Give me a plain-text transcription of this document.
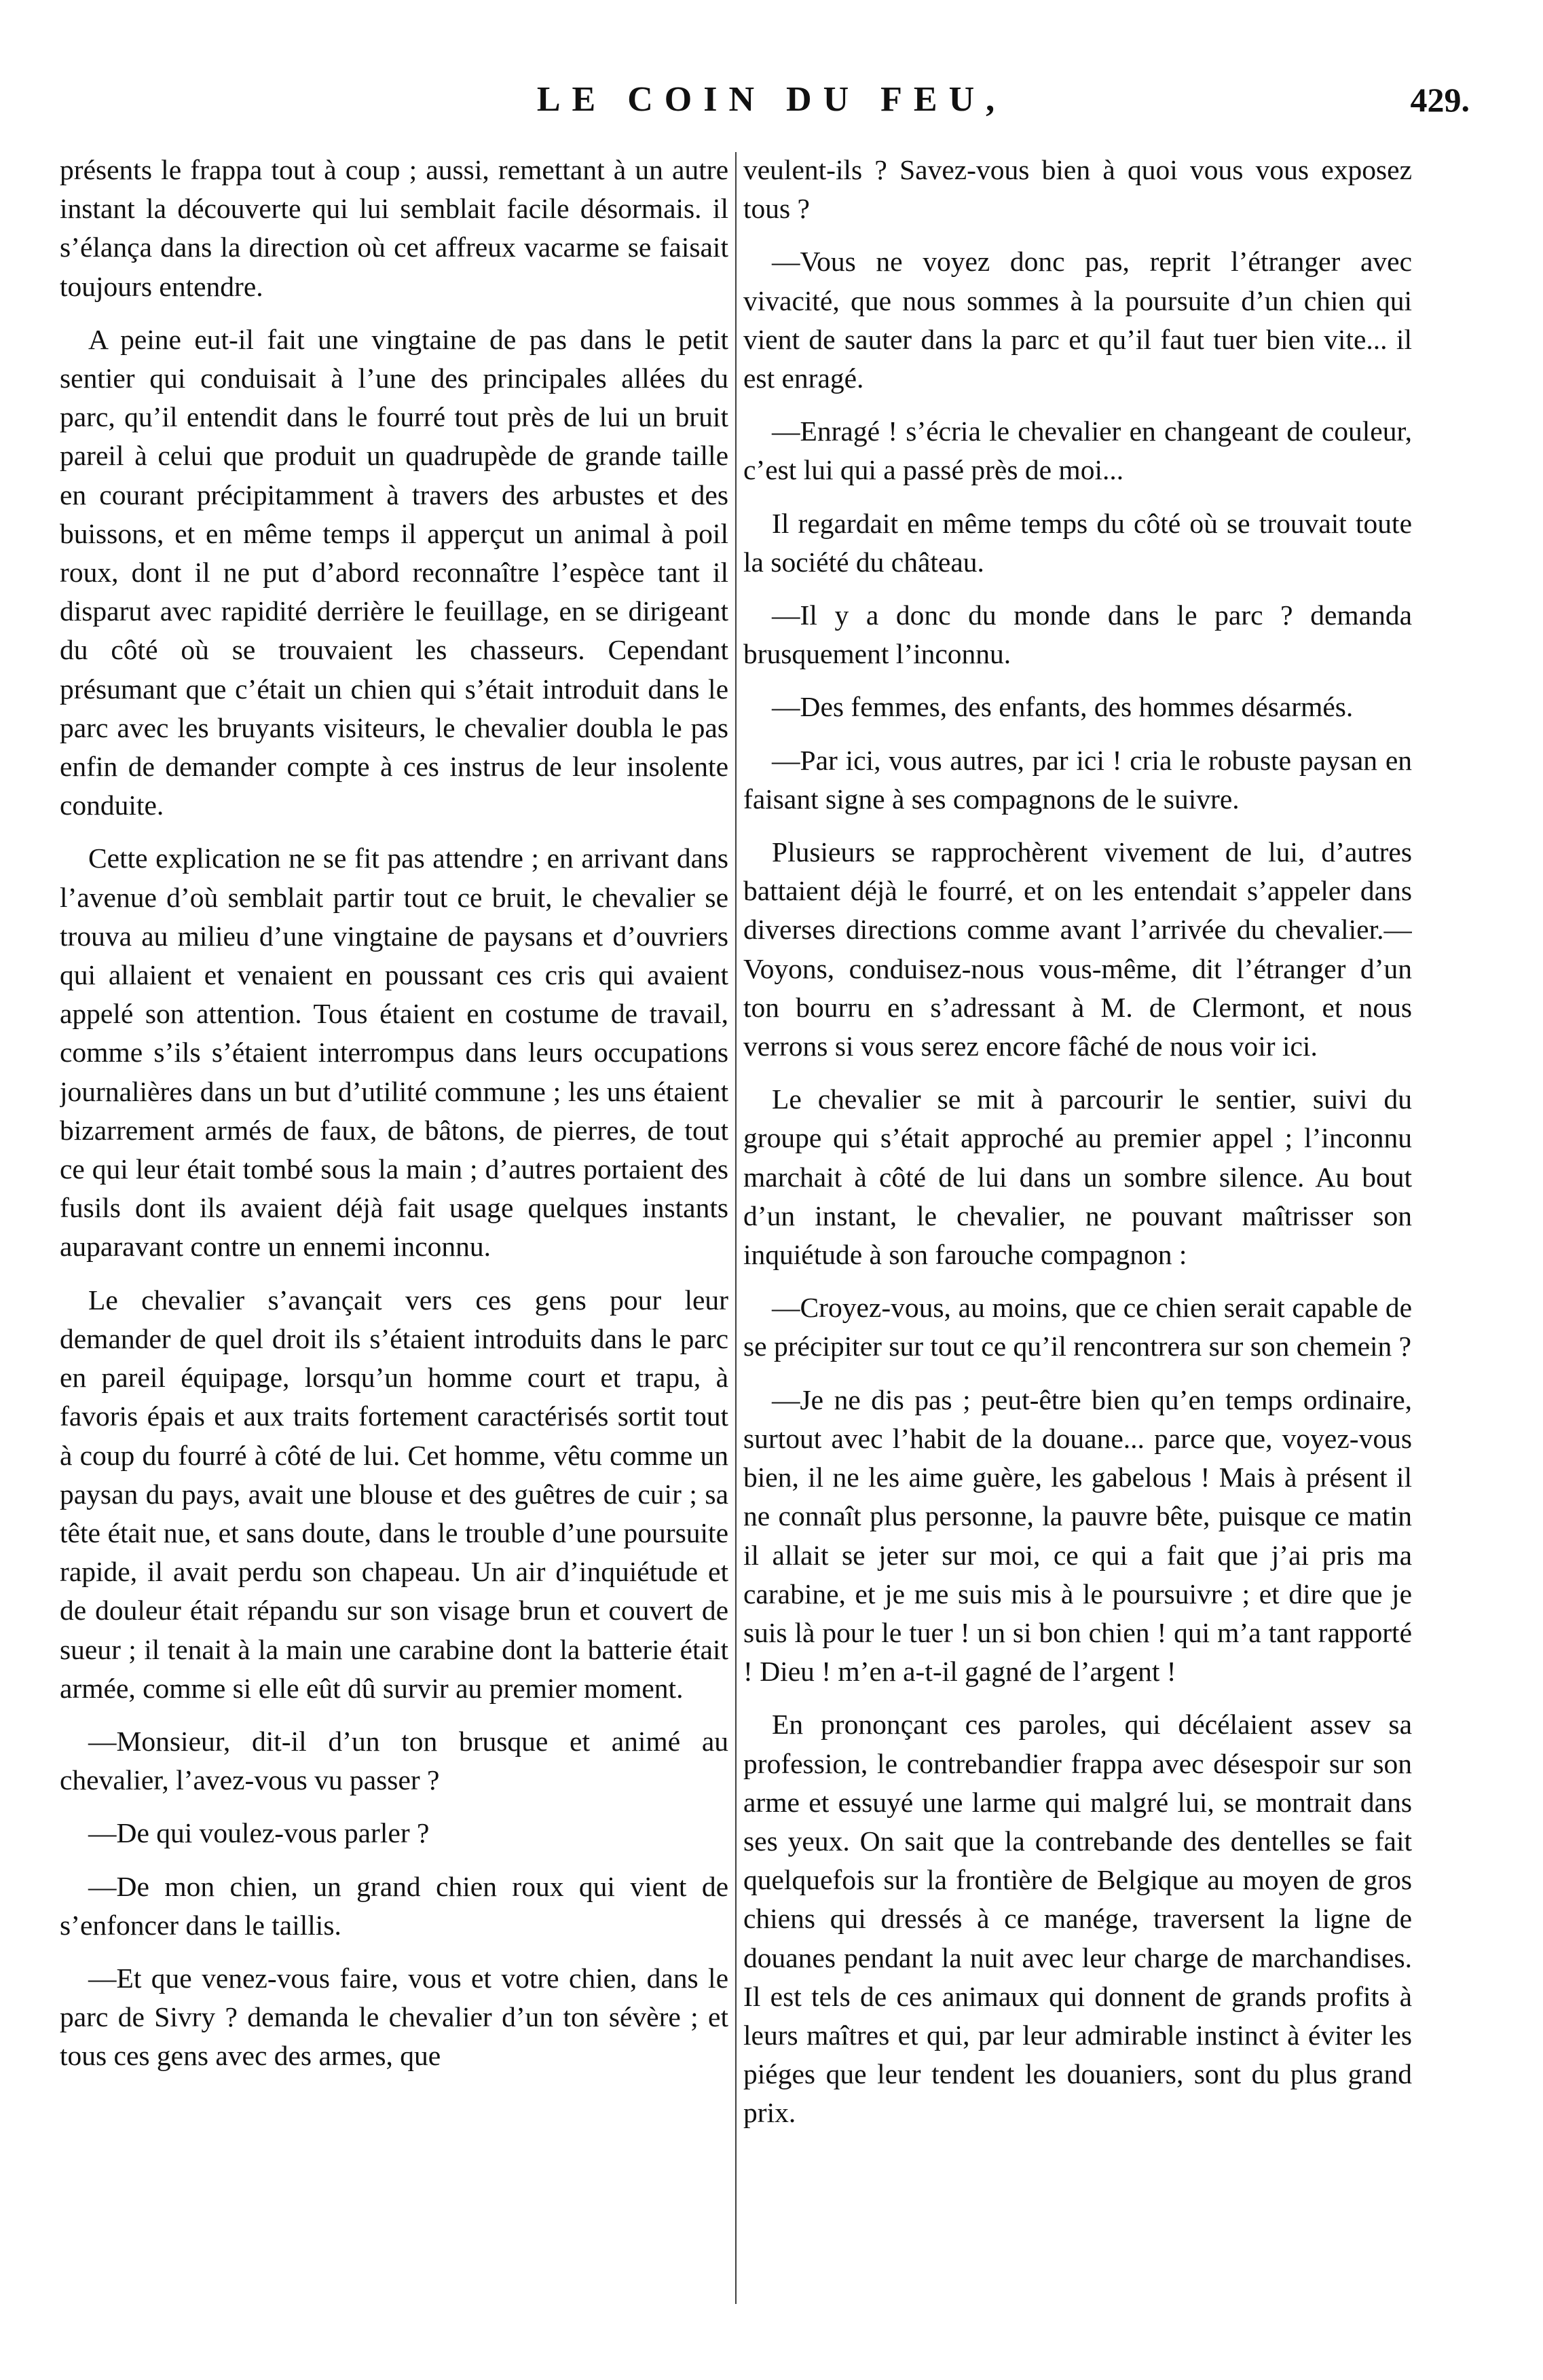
LE COIN DU FEU,	429.

présents le frappa tout à coup ; aussi, remettant à un autre instant la découverte qui lui semblait facile désormais. il s’élança dans la direction où cet affreux vacarme se faisait toujours entendre.

A peine eut-il fait une vingtaine de pas dans le petit sentier qui conduisait à l’une des principales allées du parc, qu’il entendit dans le fourré tout près de lui un bruit pareil à celui que produit un quadrupède de grande taille en courant précipitamment à travers des arbustes et des buissons, et en même temps il apperçut un animal à poil roux, dont il ne put d’abord reconnaître l’espèce tant il disparut avec rapidité derrière le feuillage, en se dirigeant du côté où se trouvaient les chasseurs. Cependant présumant que c’était un chien qui s’était introduit dans le parc avec les bruyants visiteurs, le chevalier doubla le pas enfin de demander compte à ces instrus de leur insolente conduite.

Cette explication ne se fit pas attendre ; en arrivant dans l’avenue d’où semblait partir tout ce bruit, le chevalier se trouva au milieu d’une vingtaine de paysans et d’ouvriers qui allaient et venaient en poussant ces cris qui avaient appelé son attention. Tous étaient en costume de travail, comme s’ils s’étaient interrompus dans leurs occupations journalières dans un but d’utilité commune ; les uns étaient bizarrement armés de faux, de bâtons, de pierres, de tout ce qui leur était tombé sous la main ; d’autres portaient des fusils dont ils avaient déjà fait usage quelques instants auparavant contre un ennemi inconnu.

Le chevalier s’avançait vers ces gens pour leur demander de quel droit ils s’étaient introduits dans le parc en pareil équipage, lorsqu’un homme court et trapu, à favoris épais et aux traits fortement caractérisés sortit tout à coup du fourré à côté de lui. Cet homme, vêtu comme un paysan du pays, avait une blouse et des guêtres de cuir ; sa tête était nue, et sans doute, dans le trouble d’une poursuite rapide, il avait perdu son chapeau. Un air d’inquiétude et de douleur était répandu sur son visage brun et couvert de sueur ; il tenait à la main une carabine dont la batterie était armée, comme si elle eût dû survir au premier moment.

—Monsieur, dit-il d’un ton brusque et animé au chevalier, l’avez-vous vu passer ?

—De qui voulez-vous parler ?

—De mon chien, un grand chien roux qui vient de s’enfoncer dans le taillis.

—Et que venez-vous faire, vous et votre chien, dans le parc de Sivry ? demanda le chevalier d’un ton sévère ; et tous ces gens avec des armes, que

veulent-ils ? Savez-vous bien à quoi vous vous exposez tous ?

—Vous ne voyez donc pas, reprit l’étranger avec vivacité, que nous sommes à la poursuite d’un chien qui vient de sauter dans la parc et qu’il faut tuer bien vite... il est enragé.

—Enragé ! s’écria le chevalier en changeant de couleur, c’est lui qui a passé près de moi...

Il regardait en même temps du côté où se trouvait toute la société du château.

—Il y a donc du monde dans le parc ? demanda brusquement l’inconnu.

—Des femmes, des enfants, des hommes désarmés.

—Par ici, vous autres, par ici ! cria le robuste paysan en faisant signe à ses compagnons de le suivre.

Plusieurs se rapprochèrent vivement de lui, d’autres battaient déjà le fourré, et on les entendait s’appeler dans diverses directions comme avant l’arrivée du chevalier.—Voyons, conduisez-nous vous-même, dit l’étranger d’un ton bourru en s’adressant à M. de Clermont, et nous verrons si vous serez encore fâché de nous voir ici.

Le chevalier se mit à parcourir le sentier, suivi du groupe qui s’était approché au premier appel ; l’inconnu marchait à côté de lui dans un sombre silence. Au bout d’un instant, le chevalier, ne pouvant maîtrisser son inquiétude à son farouche compagnon :

—Croyez-vous, au moins, que ce chien serait capable de se précipiter sur tout ce qu’il rencontrera sur son chemein ?

—Je ne dis pas ; peut-être bien qu’en temps ordinaire, surtout avec l’habit de la douane... parce que, voyez-vous bien, il ne les aime guère, les gabelous ! Mais à présent il ne connaît plus personne, la pauvre bête, puisque ce matin il allait se jeter sur moi, ce qui a fait que j’ai pris ma carabine, et je me suis mis à le poursuivre ; et dire que je suis là pour le tuer ! un si bon chien ! qui m’a tant rapporté ! Dieu ! m’en a-t-il gagné de l’argent !

En prononçant ces paroles, qui décélaient assev sa profession, le contrebandier frappa avec désespoir sur son arme et essuyé une larme qui malgré lui, se montrait dans ses yeux. On sait que la contrebande des dentelles se fait quelquefois sur la frontière de Belgique au moyen de gros chiens qui dressés à ce manége, traversent la ligne de douanes pendant la nuit avec leur charge de marchandises. Il est tels de ces animaux qui donnent de grands profits à leurs maîtres et qui, par leur admirable instinct à éviter les piéges que leur tendent les douaniers, sont du plus grand prix.
